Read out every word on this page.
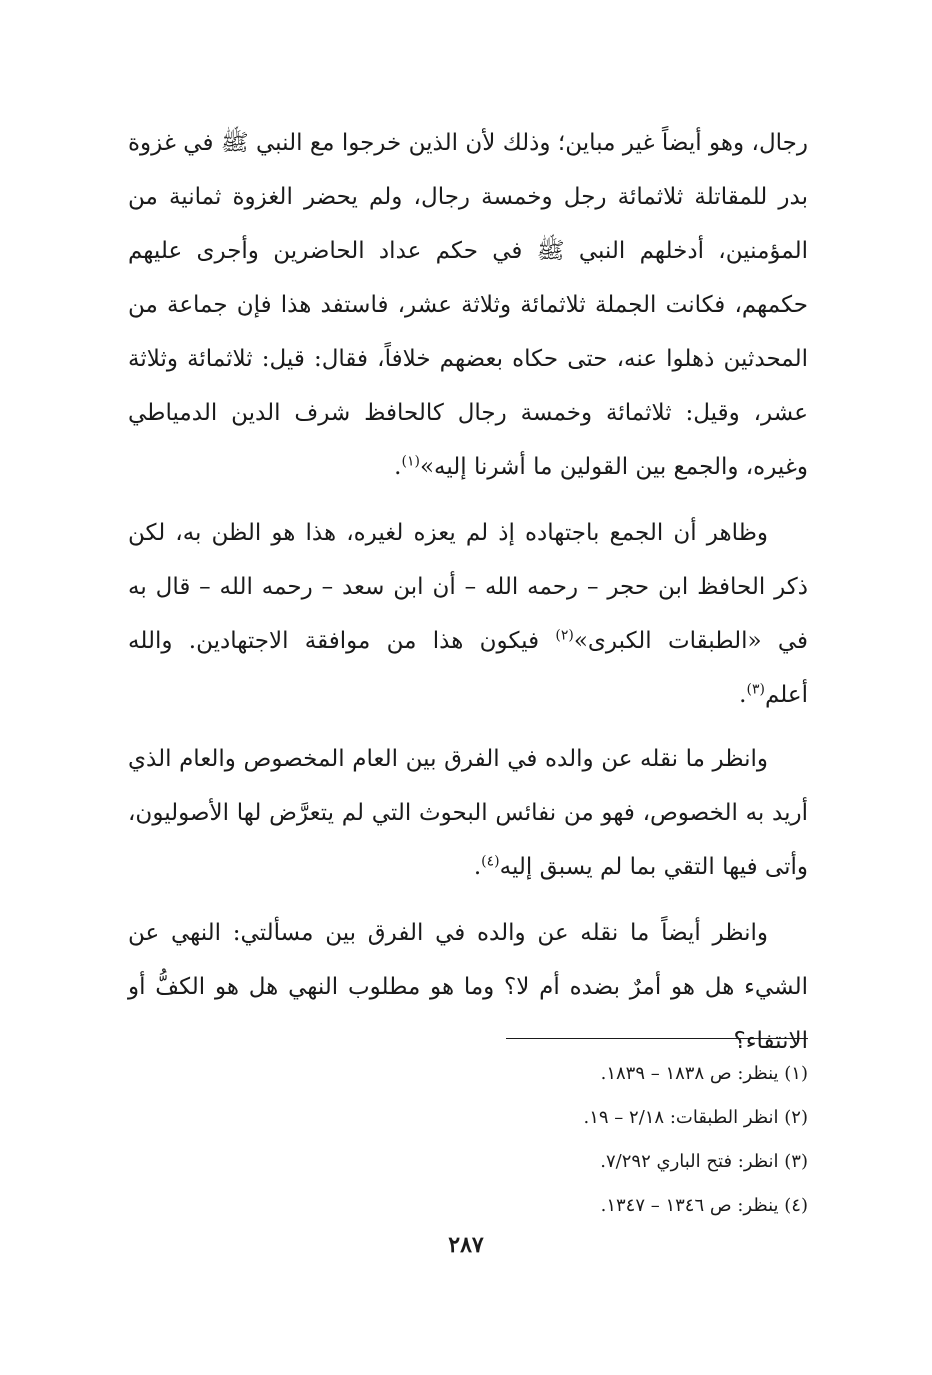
رجال، وهو أيضاً غير مباين؛ وذلك لأن الذين خرجوا مع النبي ﷺ في غزوة بدر للمقاتلة ثلاثمائة رجل وخمسة رجال، ولم يحضر الغزوة ثمانية من المؤمنين، أدخلهم النبي ﷺ في حكم عداد الحاضرين وأجرى عليهم حكمهم، فكانت الجملة ثلاثمائة وثلاثة عشر، فاستفد هذا فإن جماعة من المحدثين ذهلوا عنه، حتى حكاه بعضهم خلافاً، فقال: قيل: ثلاثمائة وثلاثة عشر، وقيل: ثلاثمائة وخمسة رجال كالحافظ شرف الدين الدمياطي وغيره، والجمع بين القولين ما أشرنا إليه»$^{(١)}$.

وظاهر أن الجمع باجتهاده إذ لم يعزه لغيره، هذا هو الظن به، لكن ذكر الحافظ ابن حجر – رحمه الله – أن ابن سعد – رحمه الله – قال به في «الطبقات الكبرى»$^{(٢)}$ فيكون هذا من موافقة الاجتهادين. والله أعلم$^{(٣)}$.

وانظر ما نقله عن والده في الفرق بين العام المخصوص والعام الذي أريد به الخصوص، فهو من نفائس البحوث التي لم يتعرَّض لها الأصوليون، وأتى فيها التقي بما لم يسبق إليه$^{(٤)}$.

وانظر أيضاً ما نقله عن والده في الفرق بين مسألتي: النهي عن الشيء هل هو أمرٌ بضده أم لا؟ وما هو مطلوب النهي هل هو الكفُّ أو الانتفاء؟

(١) ينظر: ص ١٨٣٨ – ١٨٣٩.
(٢) انظر الطبقات: ٢/١٨ – ١٩.
(٣) انظر: فتح الباري ٧/٢٩٢.
(٤) ينظر: ص ١٣٤٦ – ١٣٤٧.
٢٨٧
